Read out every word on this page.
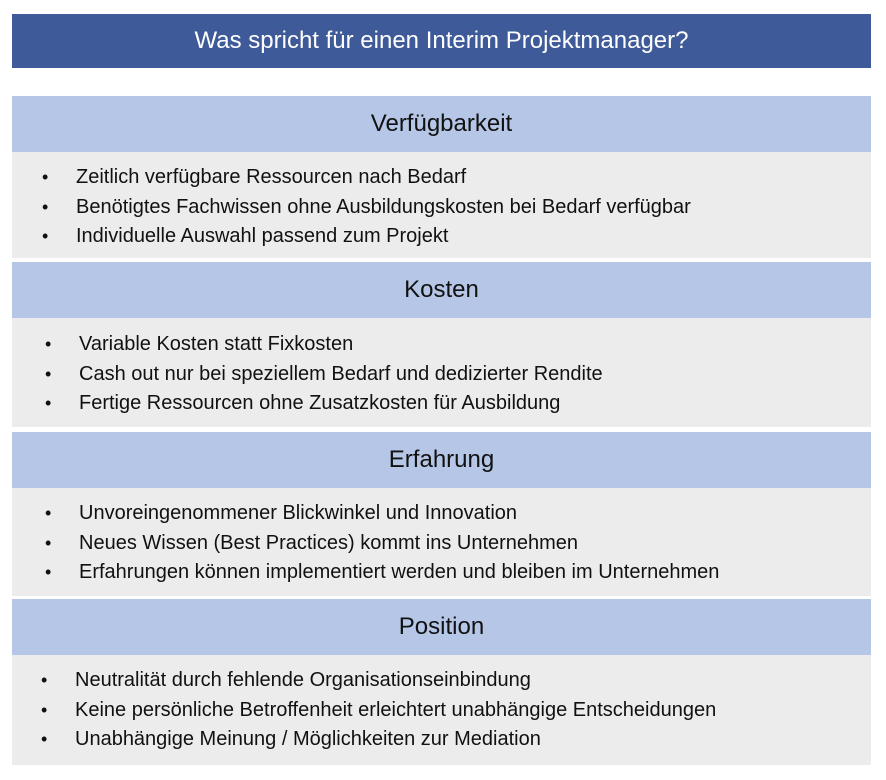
Was spricht für einen Interim Projektmanager?
Verfügbarkeit
• Zeitlich verfügbare Ressourcen nach Bedarf
• Benötigtes Fachwissen ohne Ausbildungskosten bei Bedarf verfügbar
• Individuelle Auswahl passend zum Projekt
Kosten
• Variable Kosten statt Fixkosten
• Cash out nur bei speziellem Bedarf und dedizierter Rendite
• Fertige Ressourcen ohne Zusatzkosten für Ausbildung
Erfahrung
• Unvoreingenommener Blickwinkel und Innovation
• Neues Wissen (Best Practices) kommt ins Unternehmen
• Erfahrungen können implementiert werden und bleiben im Unternehmen
Position
• Neutralität durch fehlende Organisationseinbindung
• Keine persönliche Betroffenheit erleichtert unabhängige Entscheidungen
• Unabhängige Meinung / Möglichkeiten zur Mediation
